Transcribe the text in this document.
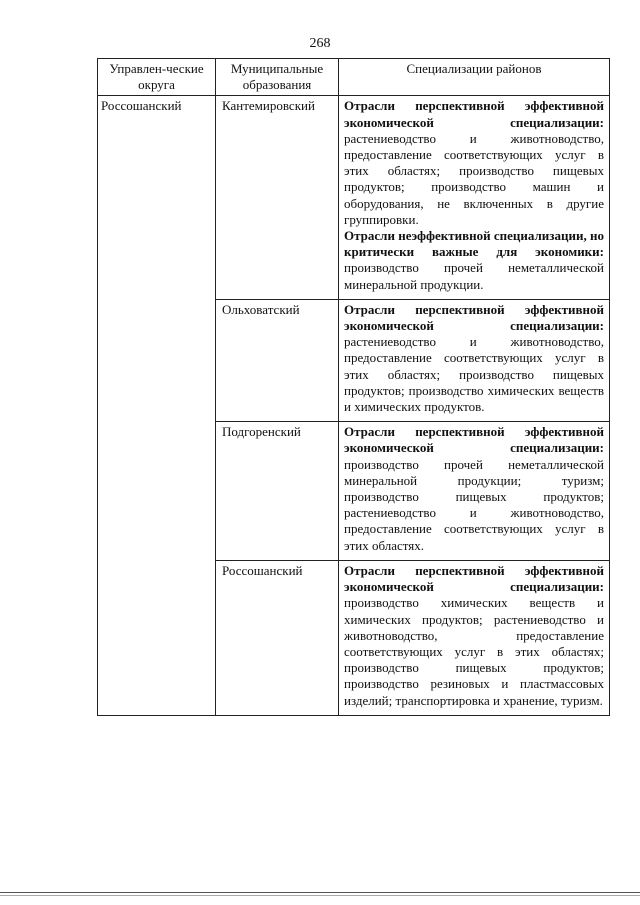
268
Управлен-ческие округа	Муниципальные образования	Специализации районов
Россошанский	Кантемировский	Отрасли перспективной эффективной экономической специализации: растениеводство и животноводство, предоставление соответствующих услуг в этих областях; производство пищевых продуктов; производство машин и оборудования, не включенных в другие группировки.

Отрасли неэффективной специализации, но критически важные для экономики: производство прочей неметаллической минеральной продукции.

	Ольховатский	Отрасли перспективной эффективной экономической специализации: растениеводство и животноводство, предоставление соответствующих услуг в этих областях; производство пищевых продуктов; производство химических веществ и химических продуктов.

	Подгоренский	Отрасли перспективной эффективной экономической специализации: производство прочей неметаллической минеральной продукции; туризм; производство пищевых продуктов; растениеводство и животноводство, предоставление соответствующих услуг в этих областях.

	Россошанский	Отрасли перспективной эффективной экономической специализации: производство химических веществ и химических продуктов; растениеводство и животноводство, предоставление соответствующих услуг в этих областях; производство пищевых продуктов; производство резиновых и пластмассовых изделий; транспортировка и хранение, туризм.
